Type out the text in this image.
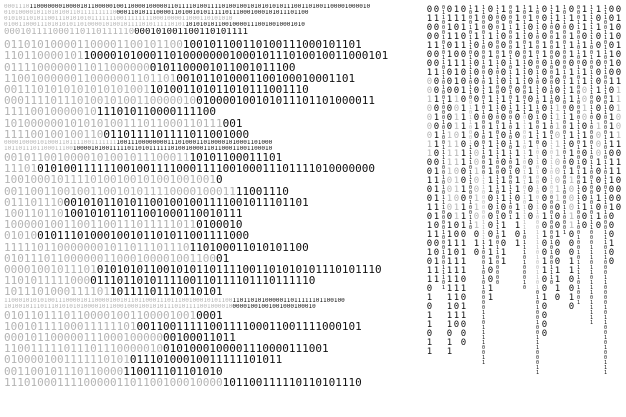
00011101100000001000010110000010011000010000011011110100111101001001010101010111001101001100001000010
010100001011010100110111111111000011010111000011010010101111101110001000101011101100
010101101011001110101010111111100111111110001000011000110101010
01001100011101010101101000010100101111010111110101101010101100100001110010010001010
000101111000110110111110000101001100110101111
011010100001100001100101100100101100110100111000101101
1101100001011000010100011010000000100010111010010011000101
01111000000110110000000101100001011001011100
11001000000110000001101101001011010001100100010001101
0011101010101010101001101001101011010111001110
00011110111010010100110000010010000100101011101101000011
11110010000010111010110000111100
101000000101010100111011000110111001
1111001001001100110111101111011001000
00001000010100011011110011111111001110000000011101000110100001010001101000
10110111011000111001000010100111110110101111110100100001101100011001100010
001011001000010100101110001110101100011101
11101010100111111001001111000111100100011101111010000000
100100010111101001001010010010010
0011001100100110010101111000010001111001110
0111011100010101101011001001001111001011101101
100110110100101011011001000110010111
100000100110011001110111110110100010
0101001011101000100101101011001111000
1111101100000001011011101110110100011010101100
0101110110000001100010000100110001
000010010111010101010110010101101111001101010101110101110
11010111110000111011010111100110111101110111110
101110100011110110111101110110101
1100010101010011100001011000010010110110001110111001000101011001101101010000011011111101100100
10100101110111010101010000101100010001001010111010111100100001000001001001001000100010
010110111011000010011000010010001
100101111000111111010011001111100111100011001111000101
00010110000011100010000000100011011
1100111110111011100000100101000100001110000111001
010000100111111010101110100010011111101011
001100101110110000110011101101010
111010001111000001101100100010000101100111110110101110
0
1
0
0
1
0
0
1
0
0
1
0
0
0
0
1
1
0
0
1
0
0
1
0
1
1
0
1
0
1
1
0
1
0
1
1
0
1
1
0
1
0
0
1
0
0
1
0
0
1
0
1
0
1
1
0
0
1
1
1
1
1
1
0
1
0
0
1
1
1
0
1
1
0
0
0
1
0
1
0
1
1
0
1
1
0
1
0
0
1
0
0
0
1
0
1
0
0
1
1
1
1
0
0
1
0
1
0
1
1
1
0
0
0
0
1
0
0
0
1
0
0
1
1
1
0
1
0
1
1
1
0
1
1
0
0
0
1
0
0
0
1
1
1
1
1
0
0
1
0
0
1
1
1
1
1
1
1
1
1
1
1
1
0
1
1
1
1
0
1
1
0
1
1
1
0
1
0
1
1
0
1
1
1
0
1
1
0
1
1
0
0
1
0
1
1
1
1
1
0
1
0
0
1
1
0
1
0
1
0
0
1
0
1
1
1
1
0
1
1
0
0
1
0
1
1
1
0
1
1
1
1
0
1
0
1
1
0
0
0
1
0
0
0
1
0
1
1
1
0
1
1
1
1
1
0
1
1
0
0
1
0
1
1
0
0
0
1
1
1
1
1
0
1
1
1
0
0
0
1
0
0
1
1
0
1
1
1
1
0
0
0
0
0
0
0
1
0
1
0
0
0
0
1
0
0
1
1
0
1
0
1
0
1
1
0
0
0
0
1
1
0
0
0
1
0
0
1
0
1
1
0
1
0
1
0
0
0
1
0
0
1
1
0
0
0
0
1
1
1
0
0
0
0
0
0
1
1
1
1
1
1
0
0
0
1
0
1
0
1
0
0
0
0
1
1
0
1
1
1
1
0
0
1
1
0
0
0
1
0
1
1
0
1
1
1
1
0
1
1
1
1
1
1
1
1
0
0
0
0
0
1
1
1
0
0
1
1
1
1
0
0
0
1
1
0
0
0
0
1
1
0
1
1
0
0
1
1
1
1
0
0
1
0
1
1
1
1
1
0
0
0
1
1
1
0
1
1
1
0
1
1
1
1
0
0
1
1
0
0
0
0
0
0
1
0
1
0
0
1
0
0
0
0
1
0
0
1
0
0
1
0
0
1
1
1
0
0
1
1
0
1
1
0
0
0
0
1
0
0
0
0
0
1
1
0
1
1
1
0
1
0
1
1
0
0
1
0
1
0
1
0
1
1
0
0
1
0
0
1
1
1
1
0
0
1
1
1
1
1
1
0
1
1
1
0
1
1
0
1
0
1
1
1
0
1
1
0
1
1
1
0
1
1
0
0
1
1
1
1
0
1
0
0
1
1
1
1
1
0
0
0
1
1
1
0
1
1
0
0
1
0
1
1
0
0
1
0
1
0
1
1
0
1
1
1
1
1
1
0
1
1
1
0
1
0
0
0
1
0
1
1
0
0
1
1
0
0
0
1
0
1
0
1
1
1
1
0
1
1
0
1
0
0
1
0
0
1
1
1
0
0
0
0
1
0
0
1
1
0
1
1
1
0
1
0
1
0
0
1
1
0
1
0
1
1
0
1
0
0
1
0
0
1
1
1
0
0
0
1
1
1
1
0
1
0
0
1
1
0
1
0
1
0
1
0
0
1
0
0
1
1
1
0
0
0
1
1
0
0
0
0
1
1
0
0
0
0
1
0
0
1
1
0
0
0
0
0
0
0
0
1
0
1
0
0
1
1
0
0
1
0
0
0
0
1
1
1
1
0
0
0
0
0
0
0
1
0
0
0
0
1
0
1
0
1
1
1
1
0
0
1
1
1
0
1
1
1
0
1
1
0
0
0
0
0
0
1
0
0
0
0
1
0
1
0
0
1
1
1
0
1
1
0
1
1
0
0
1
0
0
0
1
1
1
0
1
1
0
0
0
1
1
0
0
0
1
0
0
0
1
1
1
0
1
0
1
1
0
0
0
0
1
0
0
0
0
1
0
1
1
1
1
0
0
1
1
0
0
0
1
1
1
0
1
0
0
1
0
0
1
0
0
0
1
1
0
0
0
1
0
1
0
1
1
1
0
1
1
1
1
0
1
1
1
0
1
0
1
1
0
0
0
1
1
0
0
0
1
1
0
0
1
0
0
0
0
1
1
0
0
1
0
1
0
0
1
1
0
1
0
0
1
0
0
0
0
1
1
1
1
0
1
0
0
1
0
1
0
0
1
1
1
1
1
0
0
1
0
0
1
0
0
1
0
1
1
1
1
0
1
0
0
1
1
1
1
0
1
1
0
1
1
0
0
1
0
0
1
1
0
0
1
1
0
0
1
0
0
1
1
1
1
1
1
1
1
0
0
1
0
0
1
1
1
1
1
0
0
1
1
0
1
0
0
0
0
1
1
0
1
1
0
0
1
0
0
1
0
1
0
1
1
1
0
0
0
1
1
1
0
1
1
0
1
1
1
0
1
1
1
1
1
1
0
1
0
0
1
0
0
0
1
0
0
0
1
0
0
0
1
0
0
0
1
0
1
0
1
1
1
0
0
1
1
0
1
1
0
0
1
1
0
0
1
1
0
0
1
1
0
0
0
0
1
1
0
1
0
1
1
0
1
1
0
1
1
1
0
1
0
0
0
1
1
1
0
1
1
0
0
0
1
1
0
0
0
0
1
0
1
1
0
0
1
0
1
0
0
1
1
1
0
0
1
1
0
1
1
0
1
0
1
0
1
1
1
1
0
1
1
1
0
0
1
0
0
0
1
0
0
0
1
0
0
1
0
0
0
1
1
1
1
0
0
1
1
0
1
1
0
0
0
0
